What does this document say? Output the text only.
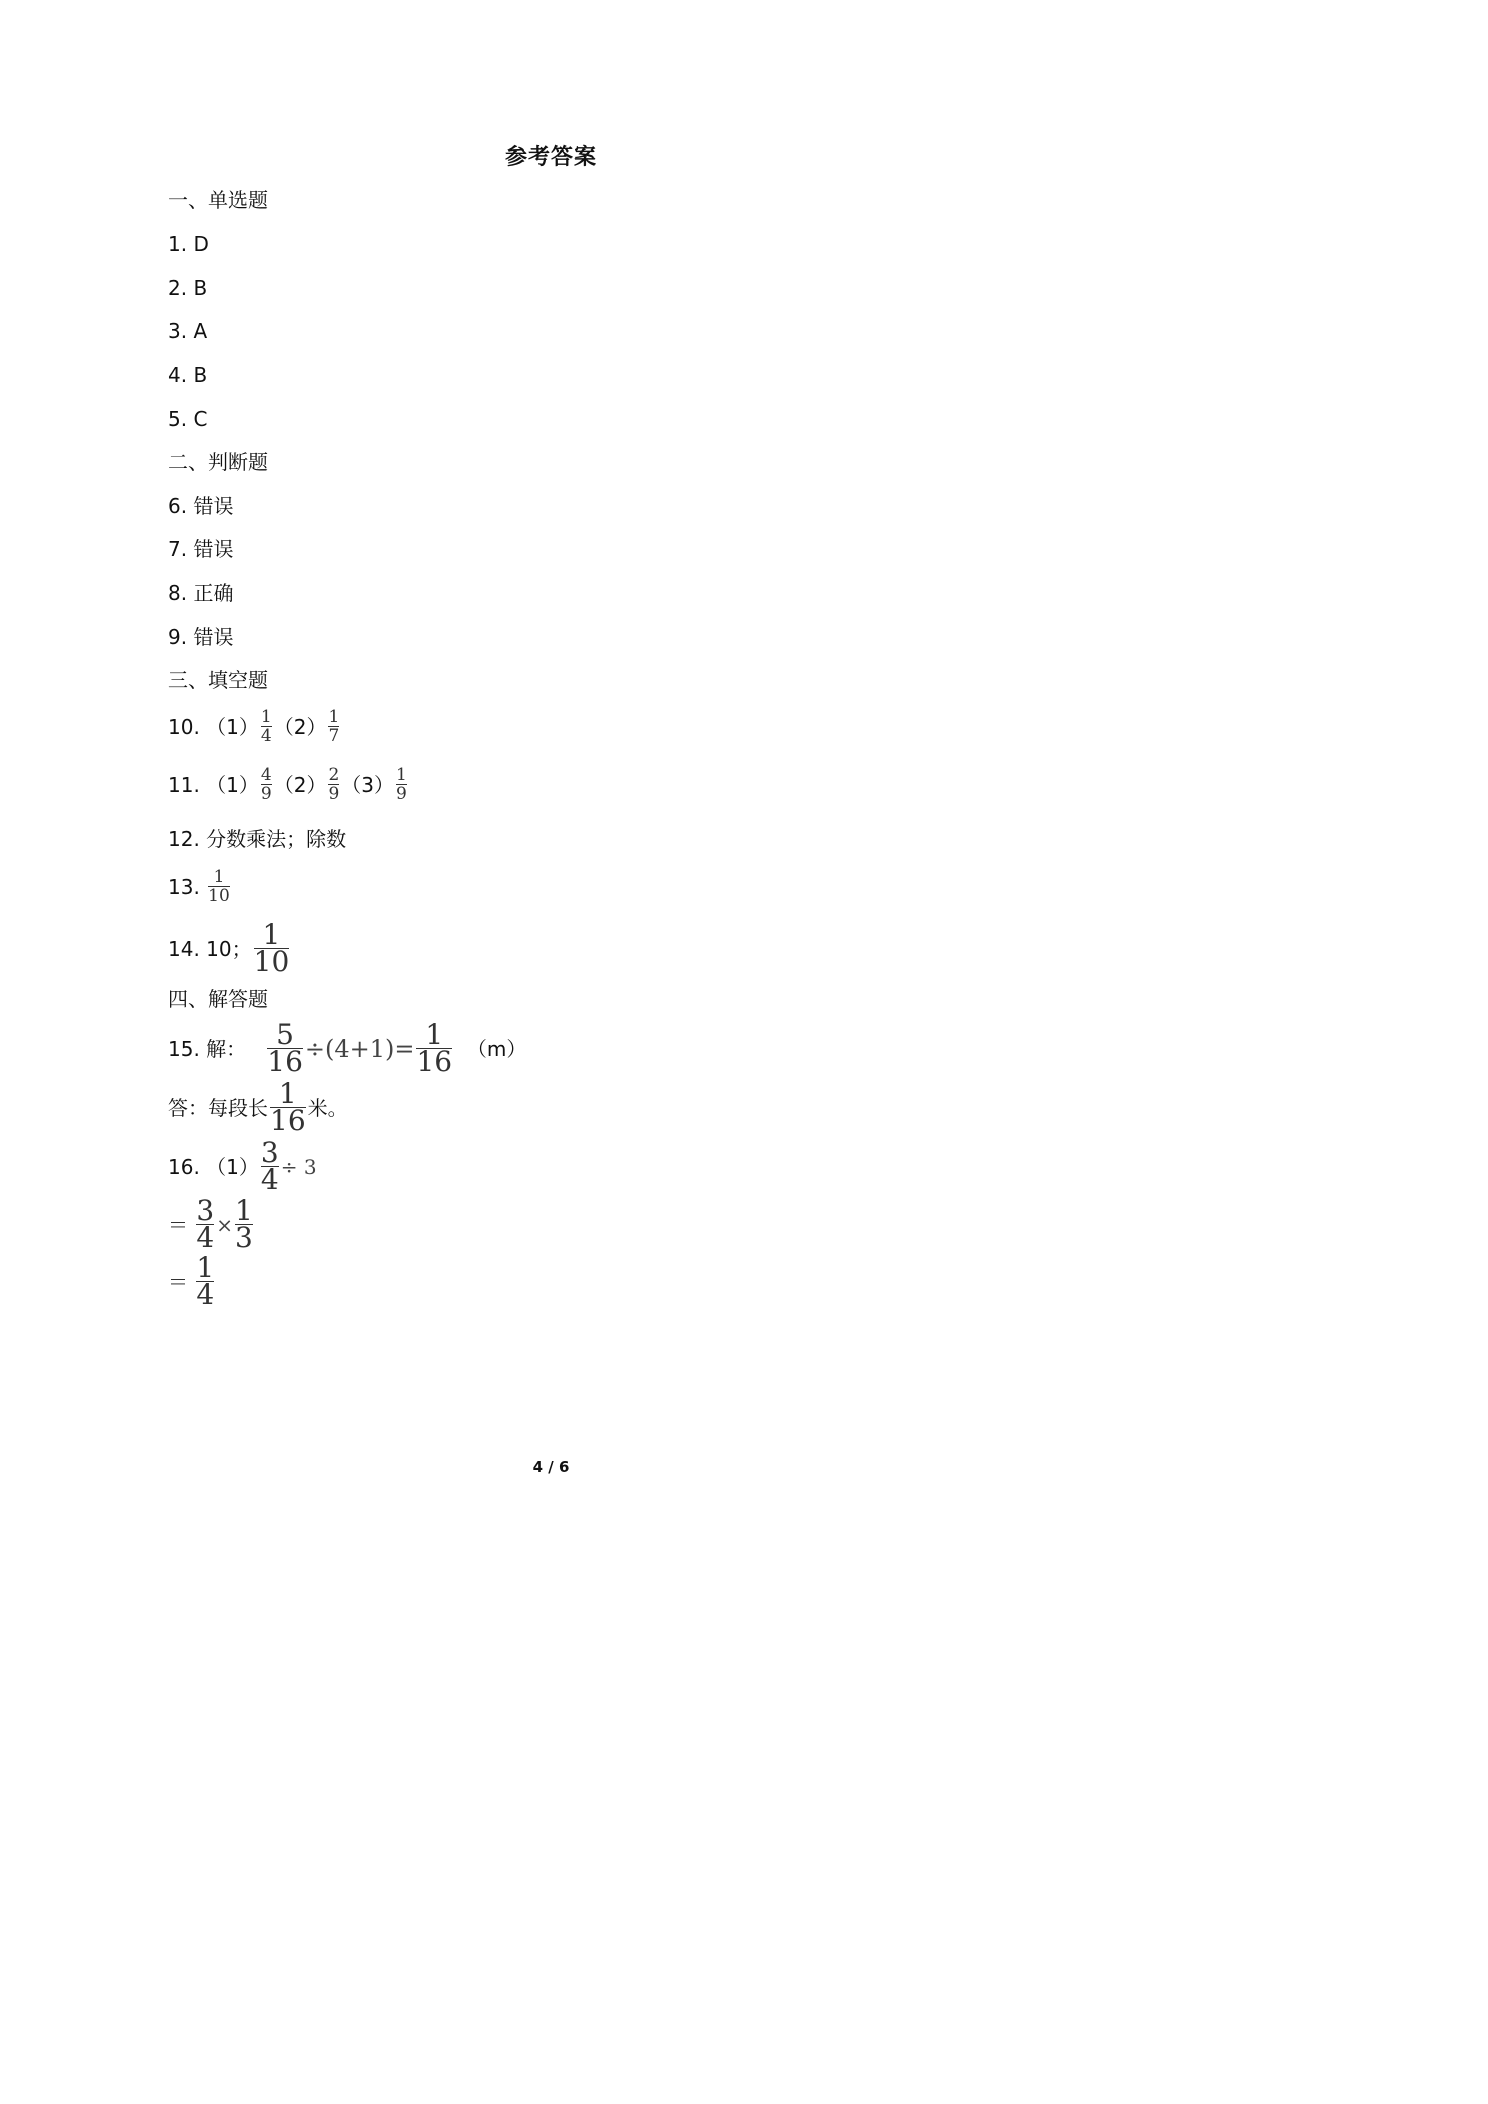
参考答案
一、单选题
1. D
2. B
3. A
4. B
5. C
二、判断题
6. 错误
7. 错误
8. 正确
9. 错误
三、填空题
10.
$(1) \frac{1}{4} (2) \frac{1}{7}$
11.
$(1) \frac{4}{9} (2) \frac{2}{9} (3) \frac{1}{9}$
12. 分数乘法；除数
13.
$\frac{1}{10}$
14. 10； $\frac{1}{10}$
四、解答题
15. 解：
$\frac{5}{16} \div(4+1)= \frac{1}{16}$
（m）
答：每段长 $\frac{1}{16}$ 米。
16. $(1) \frac{3}{4} \div 3$
＝
$\frac{3}{4} \times \frac{1}{3}$
＝
$\frac{1}{4}$
4 / 6
